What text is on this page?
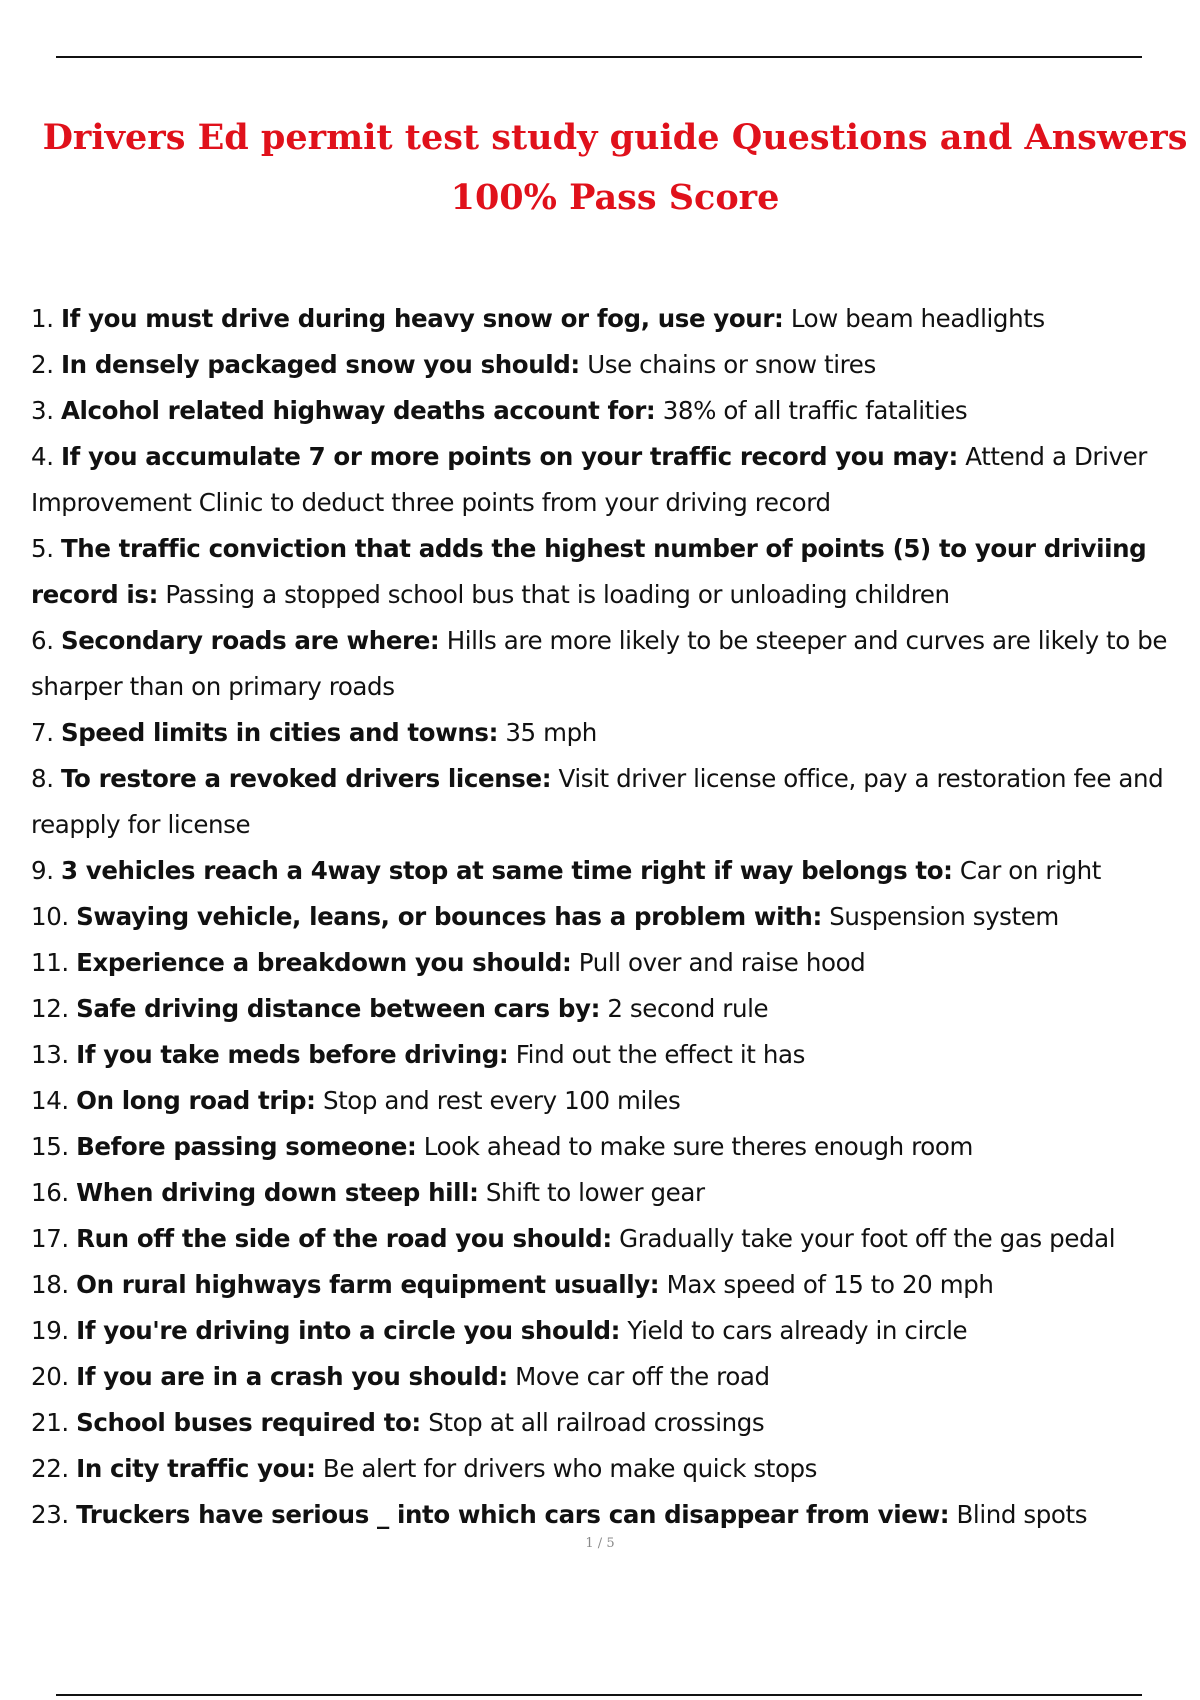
Drivers Ed permit test study guide Questions and Answers
100% Pass Score
1. If you must drive during heavy snow or fog, use your: Low beam headlights
2. In densely packaged snow you should: Use chains or snow tires
3. Alcohol related highway deaths account for: 38% of all traffic fatalities
4. If you accumulate 7 or more points on your traffic record you may: Attend a Driver Improvement Clinic to deduct three points from your driving record
5. The traffic conviction that adds the highest number of points (5) to your driviing record is: Passing a stopped school bus that is loading or unloading children
6. Secondary roads are where: Hills are more likely to be steeper and curves are likely to be sharper than on primary roads
7. Speed limits in cities and towns: 35 mph
8. To restore a revoked drivers license: Visit driver license office, pay a restoration fee and reapply for license
9. 3 vehicles reach a 4way stop at same time right if way belongs to: Car on right
10. Swaying vehicle, leans, or bounces has a problem with: Suspension system
11. Experience a breakdown you should: Pull over and raise hood
12. Safe driving distance between cars by: 2 second rule
13. If you take meds before driving: Find out the effect it has
14. On long road trip: Stop and rest every 100 miles
15. Before passing someone: Look ahead to make sure theres enough room
16. When driving down steep hill: Shift to lower gear
17. Run off the side of the road you should: Gradually take your foot off the gas pedal
18. On rural highways farm equipment usually: Max speed of 15 to 20 mph
19. If you're driving into a circle you should: Yield to cars already in circle
20. If you are in a crash you should: Move car off the road
21. School buses required to: Stop at all railroad crossings
22. In city traffic you: Be alert for drivers who make quick stops
23. Truckers have serious _ into which cars can disappear from view: Blind spots
1 / 5
